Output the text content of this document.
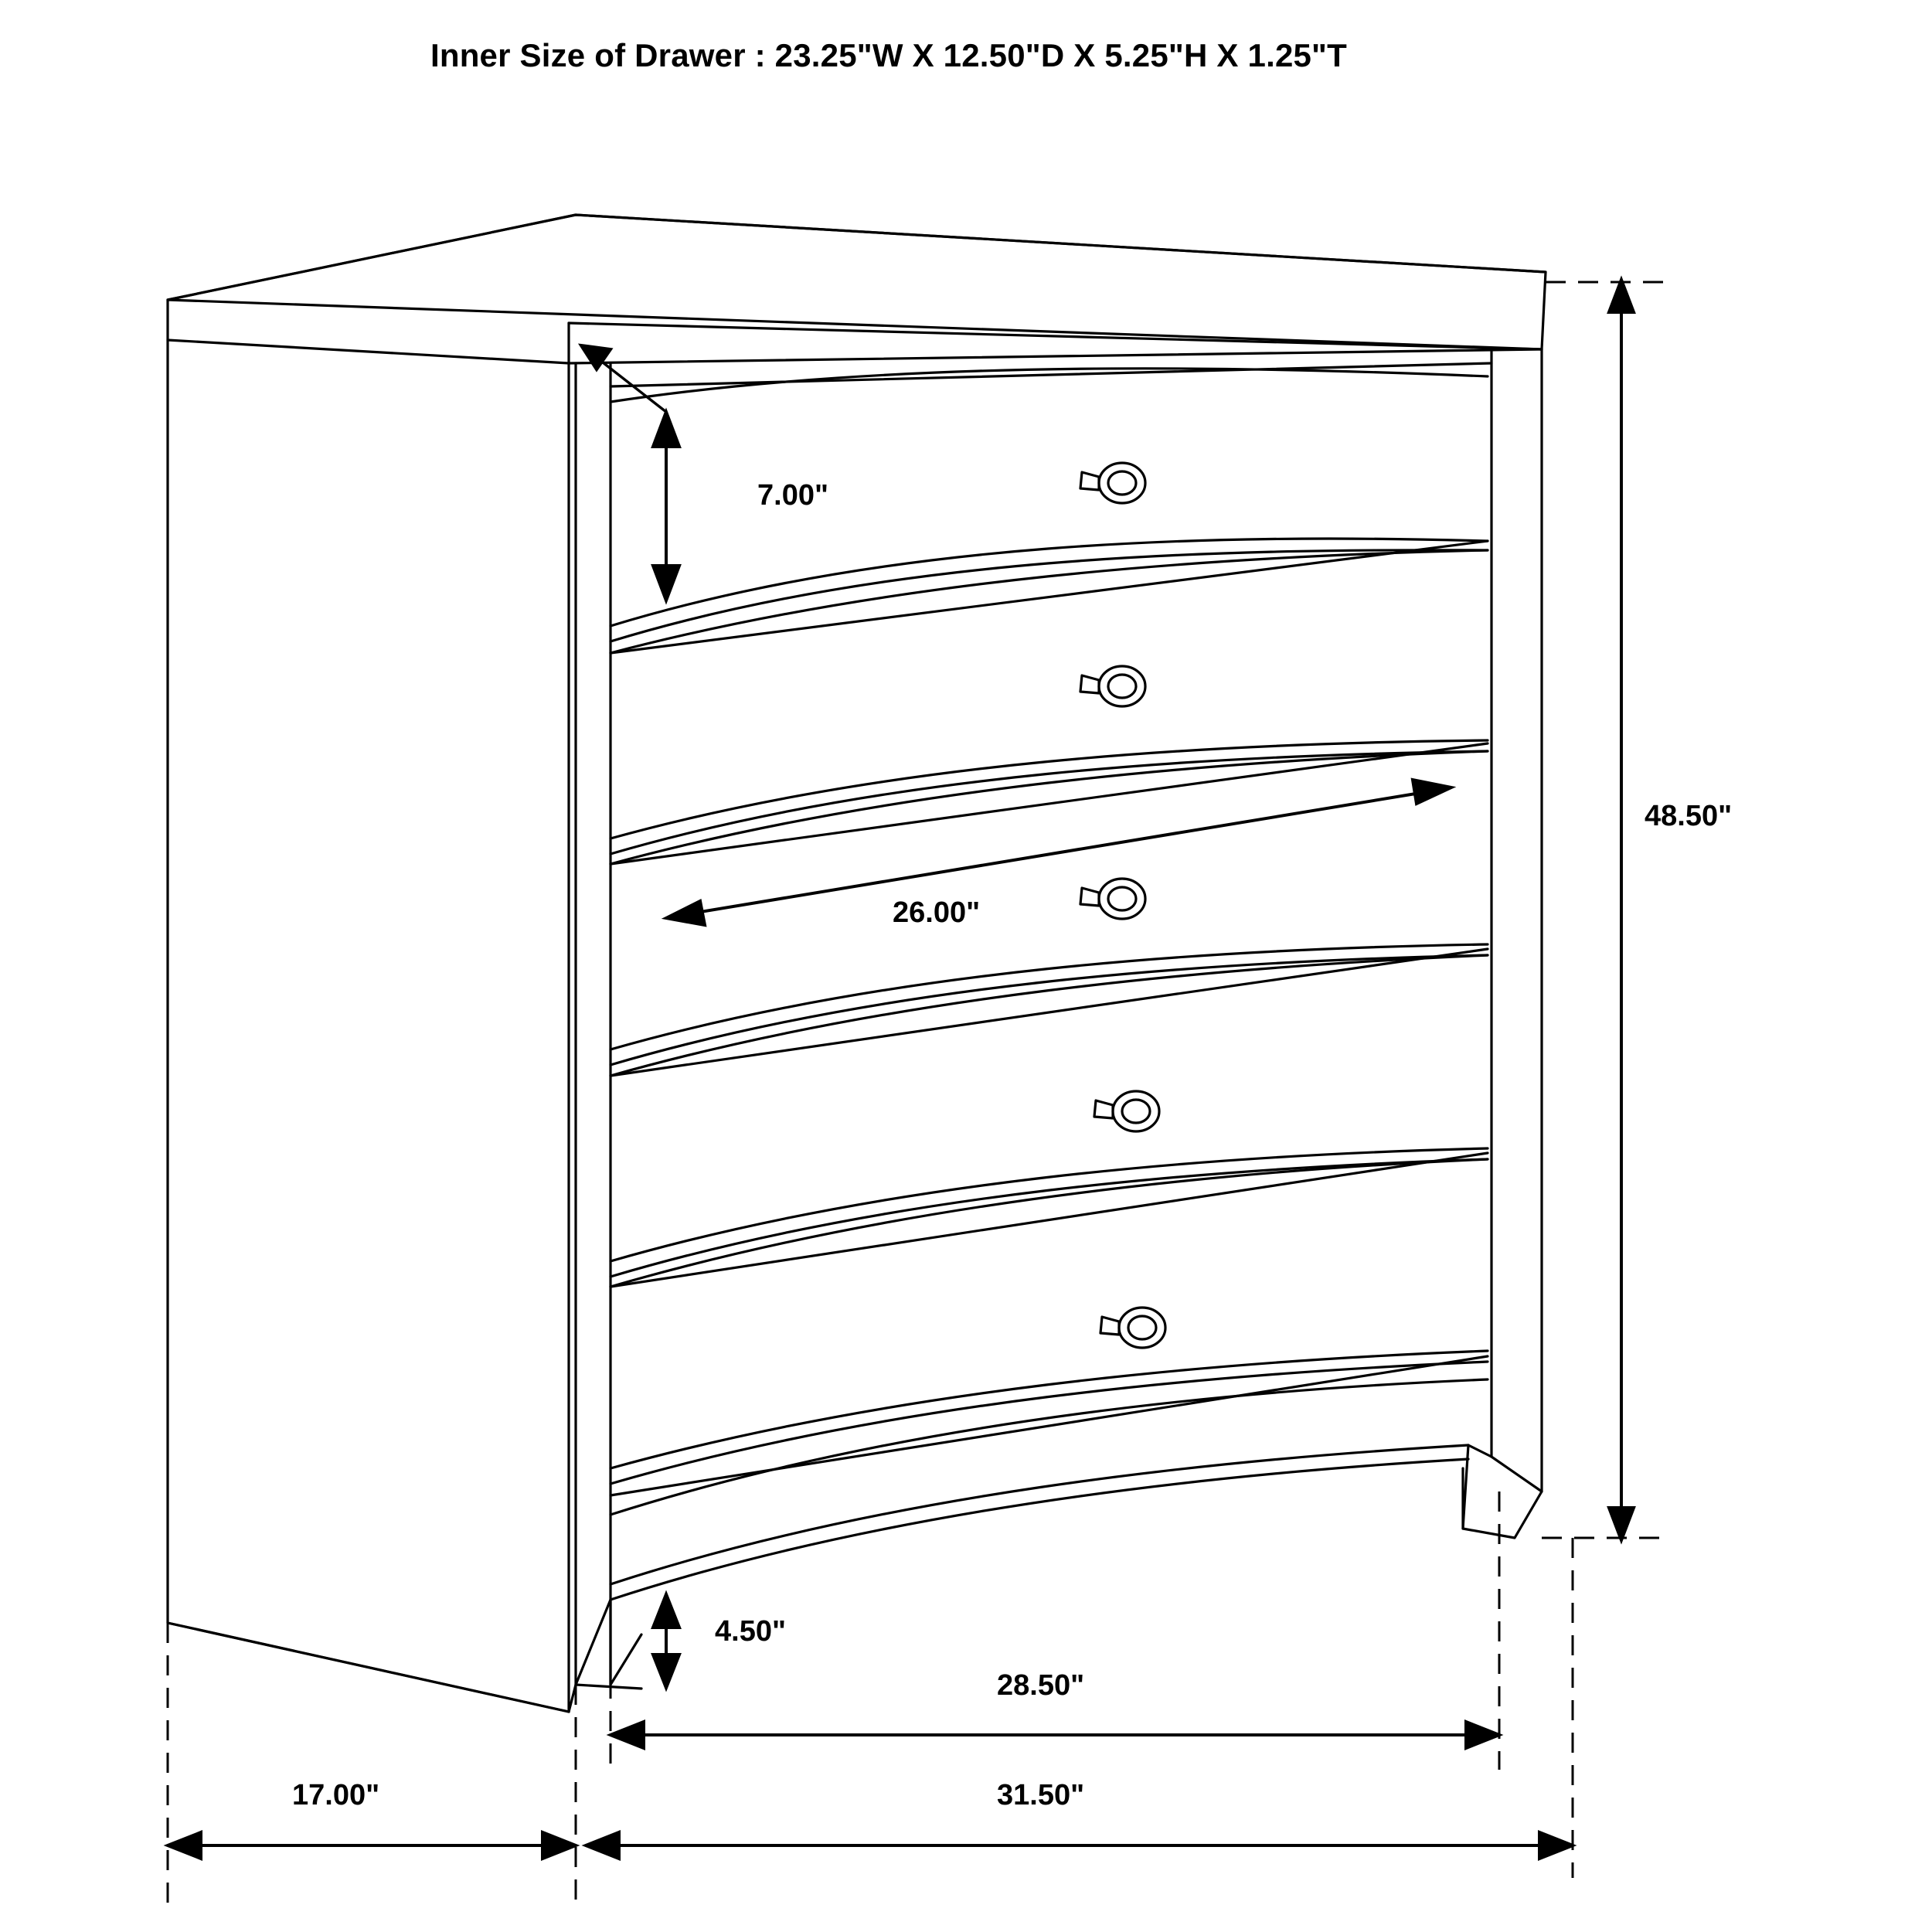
Inner Size of Drawer : 23.25"W X 12.50"D X 5.25"H X 1.25"T
7.00"
48.50"
26.00"
4.50"
28.50"
31.50"
17.00"
